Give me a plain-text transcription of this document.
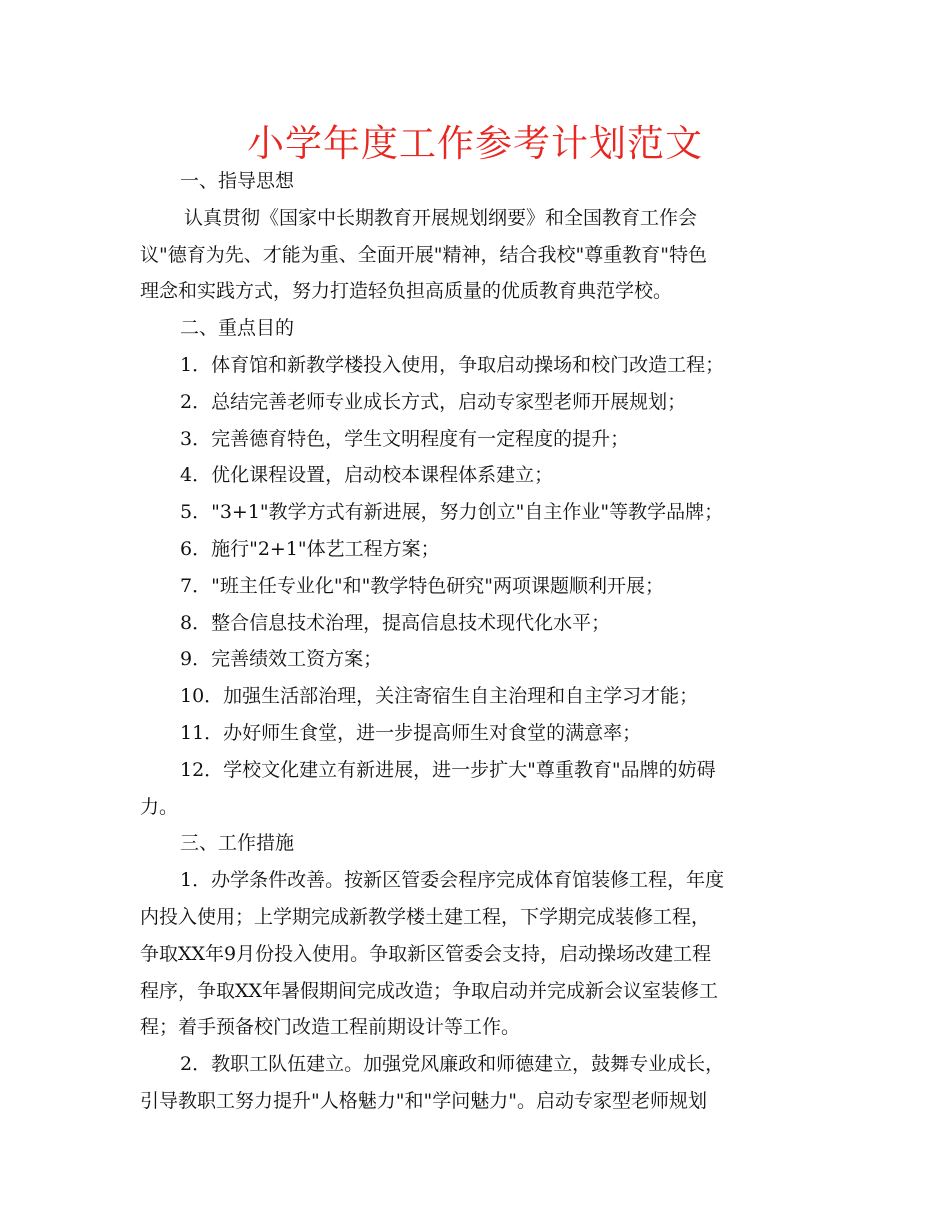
小学年度工作参考计划范文

一、指导思想

认真贯彻《国家中长期教育开展规划纲要》和全国教育工作会

议"德育为先、才能为重、全面开展"精神，结合我校"尊重教育"特色

理念和实践方式，努力打造轻负担高质量的优质教育典范学校。

二、重点目的

1．体育馆和新教学楼投入使用，争取启动操场和校门改造工程；

2．总结完善老师专业成长方式，启动专家型老师开展规划；

3．完善德育特色，学生文明程度有一定程度的提升；

4．优化课程设置，启动校本课程体系建立；

5．"3+1"教学方式有新进展，努力创立"自主作业"等教学品牌；

6．施行"2+1"体艺工程方案；

7．"班主任专业化"和"教学特色研究"两项课题顺利开展；

8．整合信息技术治理，提高信息技术现代化水平；

9．完善绩效工资方案；

10．加强生活部治理，关注寄宿生自主治理和自主学习才能；

11．办好师生食堂，进一步提高师生对食堂的满意率；

12．学校文化建立有新进展，进一步扩大"尊重教育"品牌的妨碍

力。

三、工作措施

1．办学条件改善。按新区管委会程序完成体育馆装修工程，年度

内投入使用；上学期完成新教学楼土建工程，下学期完成装修工程，

争取XX年9月份投入使用。争取新区管委会支持，启动操场改建工程

程序，争取XX年暑假期间完成改造；争取启动并完成新会议室装修工

程；着手预备校门改造工程前期设计等工作。

2．教职工队伍建立。加强党风廉政和师德建立，鼓舞专业成长，

引导教职工努力提升"人格魅力"和"学问魅力"。启动专家型老师规划
